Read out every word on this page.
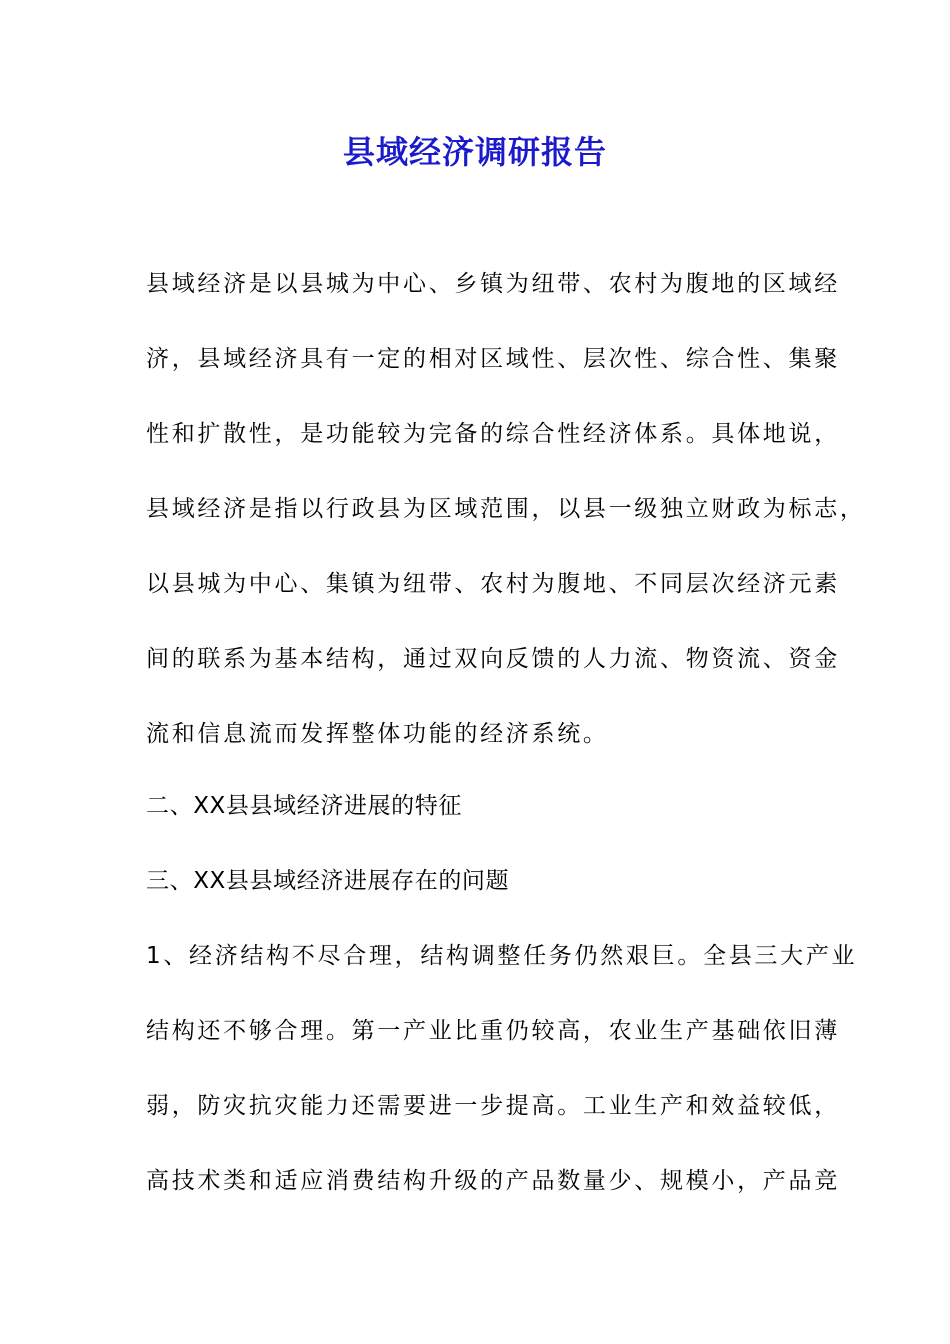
县域经济调研报告
县域经济是以县城为中心、乡镇为纽带、农村为腹地的区域经
济，县域经济具有一定的相对区域性、层次性、综合性、集聚
性和扩散性，是功能较为完备的综合性经济体系。具体地说，
县域经济是指以行政县为区域范围，以县一级独立财政为标志，
以县城为中心、集镇为纽带、农村为腹地、不同层次经济元素
间的联系为基本结构，通过双向反馈的人力流、物资流、资金
流和信息流而发挥整体功能的经济系统。
二、XX县县域经济进展的特征
三、XX县县域经济进展存在的问题
1、经济结构不尽合理，结构调整任务仍然艰巨。全县三大产业
结构还不够合理。第一产业比重仍较高，农业生产基础依旧薄
弱，防灾抗灾能力还需要进一步提高。工业生产和效益较低，
高技术类和适应消费结构升级的产品数量少、规模小，产品竞
